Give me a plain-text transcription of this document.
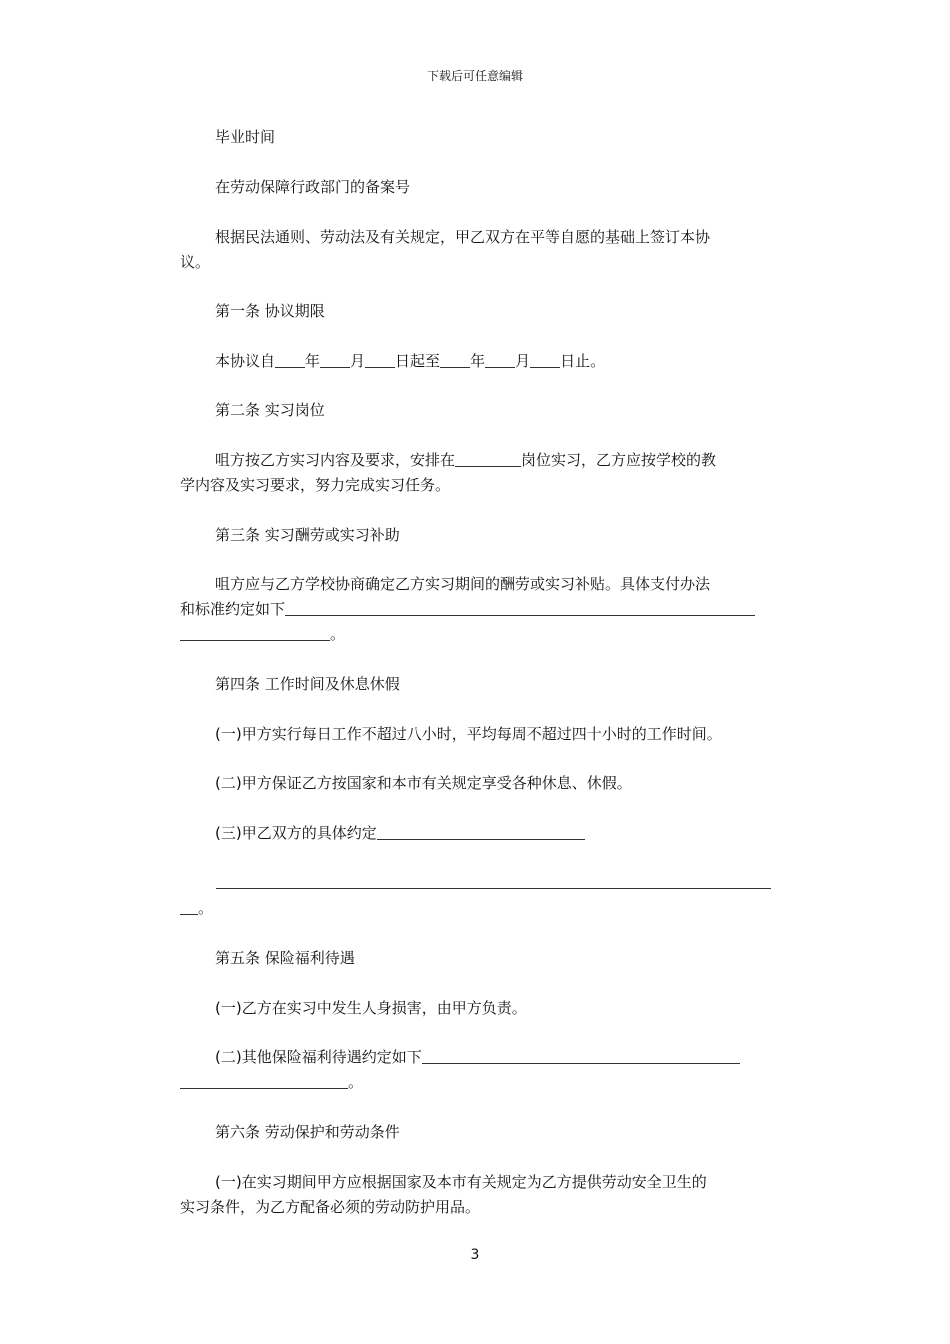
下载后可任意编辑

毕业时间

在劳动保障行政部门的备案号

根据民法通则、劳动法及有关规定，甲乙双方在平等自愿的基础上签订本协

议。

第一条 协议期限

本协议自 年 月 日起至 年 月 日止。

第二条 实习岗位

咀方按乙方实习内容及要求，安排在	岗位实习，乙方应按学校的教

学内容及实习要求，努力完成实习任务。

第三条 实习酬劳或实习补助

咀方应与乙方学校协商确定乙方实习期间的酬劳或实习补贴。具体支付办法

和标准约定如下

。

第四条 工作时间及休息休假

(一)甲方实行每日工作不超过八小时，平均每周不超过四十小时的工作时间。

(二)甲方保证乙方按国家和本市有关规定享受各种休息、休假。

(三)甲乙双方的具体约定

。

第五条 保险福利待遇

(一)乙方在实习中发生人身损害，由甲方负责。

(二)其他保险福利待遇约定如下

。

第六条 劳动保护和劳动条件

(一)在实习期间甲方应根据国家及本市有关规定为乙方提供劳动安全卫生的

实习条件，为乙方配备必须的劳动防护用品。

3
